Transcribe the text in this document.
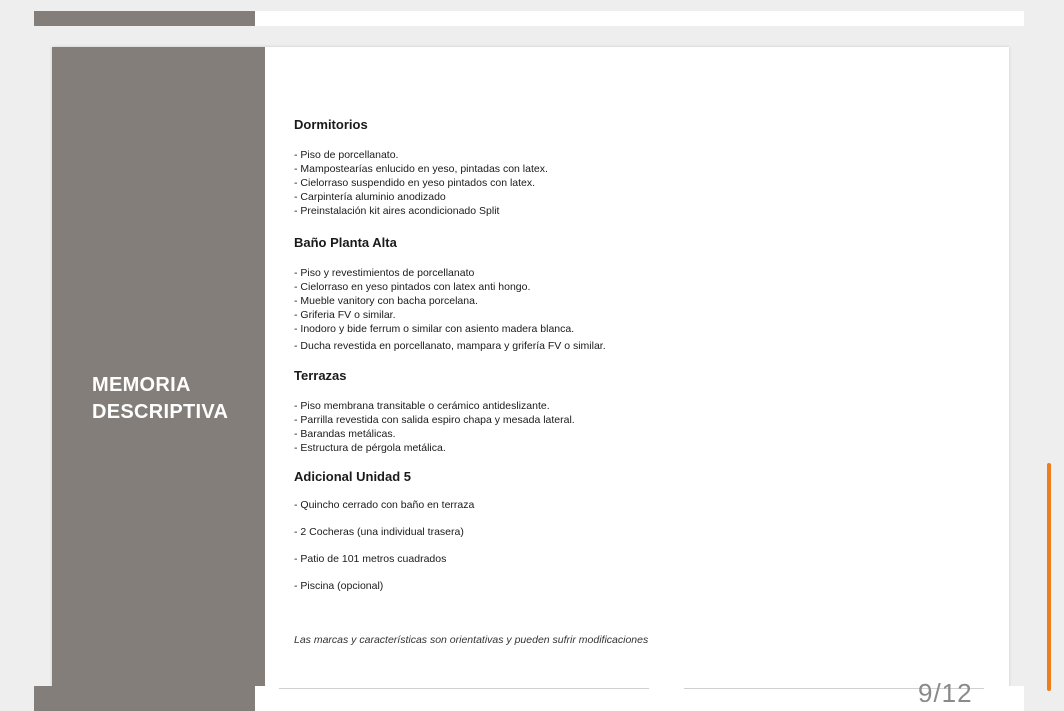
MEMORIA
DESCRIPTIVA
Dormitorios
- Piso de porcellanato.
- Mampostearías enlucido en yeso, pintadas con latex.
- Cielorraso suspendido en yeso pintados con latex.
- Carpintería aluminio anodizado
- Preinstalación kit aires acondicionado Split
Baño Planta Alta
- Piso y revestimientos de porcellanato
- Cielorraso en yeso pintados con latex anti hongo.
- Mueble vanitory con bacha porcelana.
- Griferia FV o similar.
- Inodoro y bide ferrum o similar con asiento madera blanca.
- Ducha revestida en porcellanato, mampara y grifería FV o similar.
Terrazas
- Piso membrana transitable o cerámico antideslizante.
- Parrilla revestida con salida espiro chapa y mesada lateral.
- Barandas metálicas.
- Estructura de pérgola metálica.
Adicional Unidad 5
- Quincho cerrado con baño en terraza
- 2 Cocheras (una individual trasera)
- Patio de 101 metros cuadrados
- Piscina (opcional)
Las marcas y características son orientativas y pueden sufrir modificaciones
9/12
